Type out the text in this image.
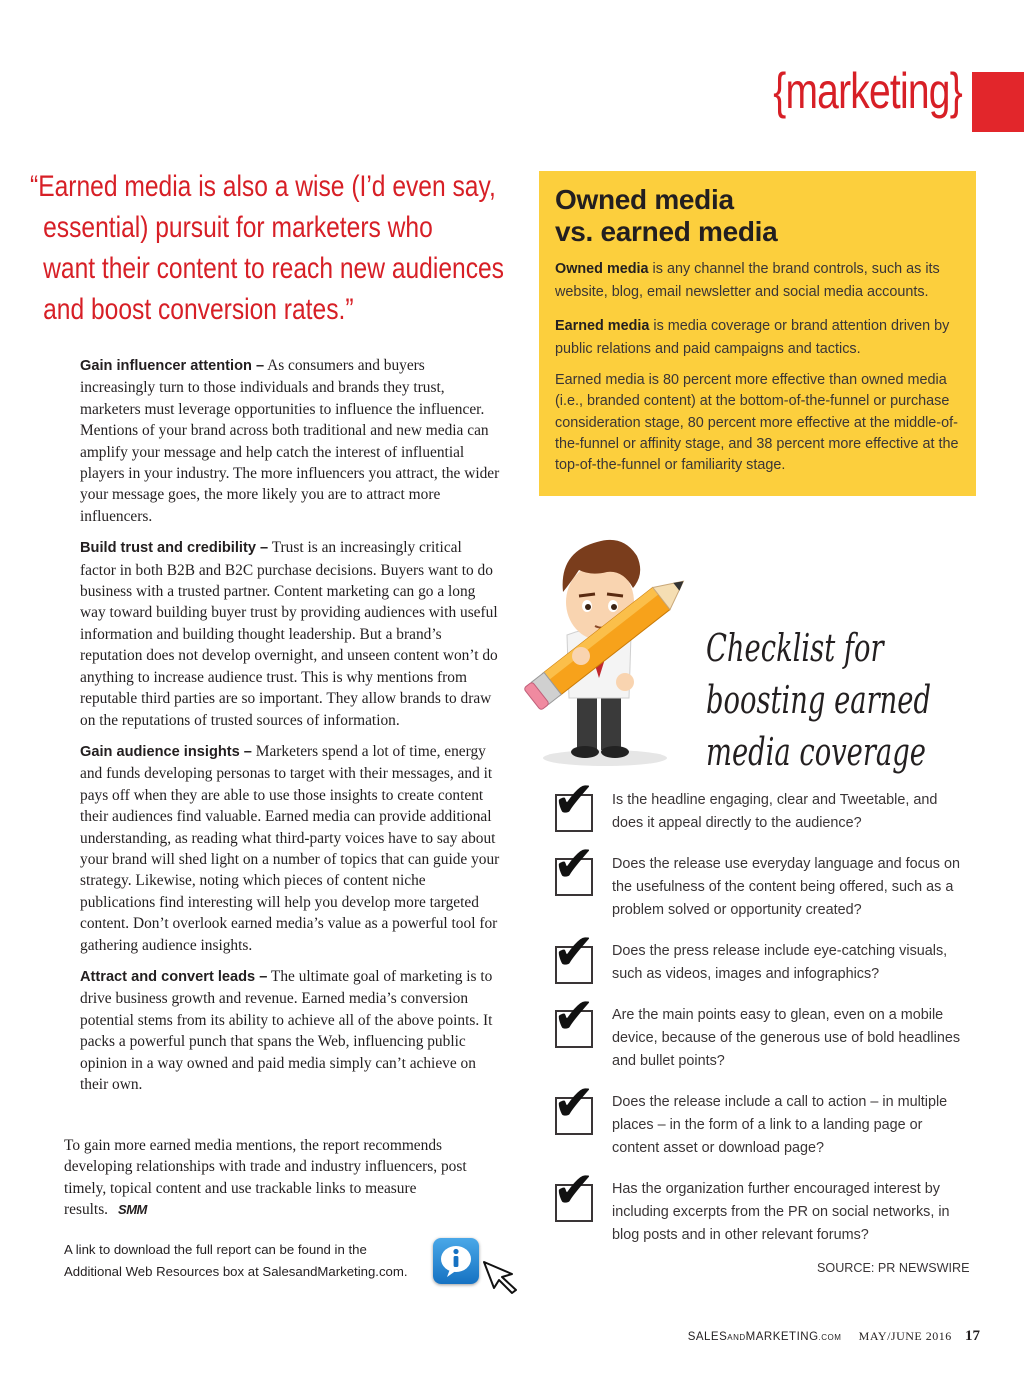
{marketing}
“Earned media is also a wise (I’d even say,
essential) pursuit for marketers who
want their content to reach new audiences
and boost conversion rates.”

Gain influencer attention – As consumers and buyers increasingly turn to those individuals and brands they trust, marketers must leverage opportunities to influence the influencer. Mentions of your brand across both traditional and new media can amplify your message and help catch the interest of influential players in your industry. The more influencers you attract, the wider your message goes, the more likely you are to attract more influencers.

Build trust and credibility – Trust is an increasingly critical factor in both B2B and B2C purchase decisions. Buyers want to do business with a trusted partner. Content marketing can go a long way toward building buyer trust by providing audiences with useful information and building thought leadership. But a brand’s reputation does not develop overnight, and unseen content won’t do anything to increase audience trust. This is why mentions from reputable third parties are so important. They allow brands to draw on the reputations of trusted sources of information.

Gain audience insights – Marketers spend a lot of time, energy and funds developing personas to target with their messages, and it pays off when they are able to use those insights to create content their audiences find valuable. Earned media can provide additional understanding, as reading what third-party voices have to say about your brand will shed light on a number of topics that can guide your strategy. Likewise, noting which pieces of content niche publications find interesting will help you develop more targeted content. Don’t overlook earned media’s value as a powerful tool for gathering audience insights.

Attract and convert leads – The ultimate goal of marketing is to drive business growth and revenue. Earned media’s conversion potential stems from its ability to achieve all of the above points. It packs a powerful punch that spans the Web, influencing public opinion in a way owned and paid media simply can’t achieve on their own.

To gain more earned media mentions, the report recommends developing relationships with trade and industry influencers, post timely, topical content and use trackable links to measure results. SMM
A link to download the full report can be found in the
Additional Web Resources box at SalesandMarketing.com.
Owned media
vs. earned media
Owned media is any channel the brand controls, such as its website, blog, email newsletter and social media accounts.
Earned media is media coverage or brand attention driven by public relations and paid campaigns and tactics.
Earned media is 80 percent more effective than owned media (i.e., branded content) at the bottom-of-the-funnel or purchase consideration stage, 80 percent more effective at the middle-of-the-funnel or affinity stage, and 38 percent more effective at the top-of-the-funnel or familiarity stage.
Checklist for
boosting earned
media coverage
✔ Is the headline engaging, clear and Tweetable, and does it appeal directly to the audience?
✔ Does the release use everyday language and focus on the usefulness of the content being offered, such as a problem solved or opportunity created?
✔ Does the press release include eye-catching visuals, such as videos, images and infographics?
✔ Are the main points easy to glean, even on a mobile device, because of the generous use of bold headlines and bullet points?
✔ Does the release include a call to action – in multiple places – in the form of a link to a landing page or content asset or download page?
✔ Has the organization further encouraged interest by including excerpts from the PR on social networks, in blog posts and in other relevant forums?
SOURCE: PR NEWSWIRE
SALESANDMARKETING.COM MAY/JUNE 2016 17
